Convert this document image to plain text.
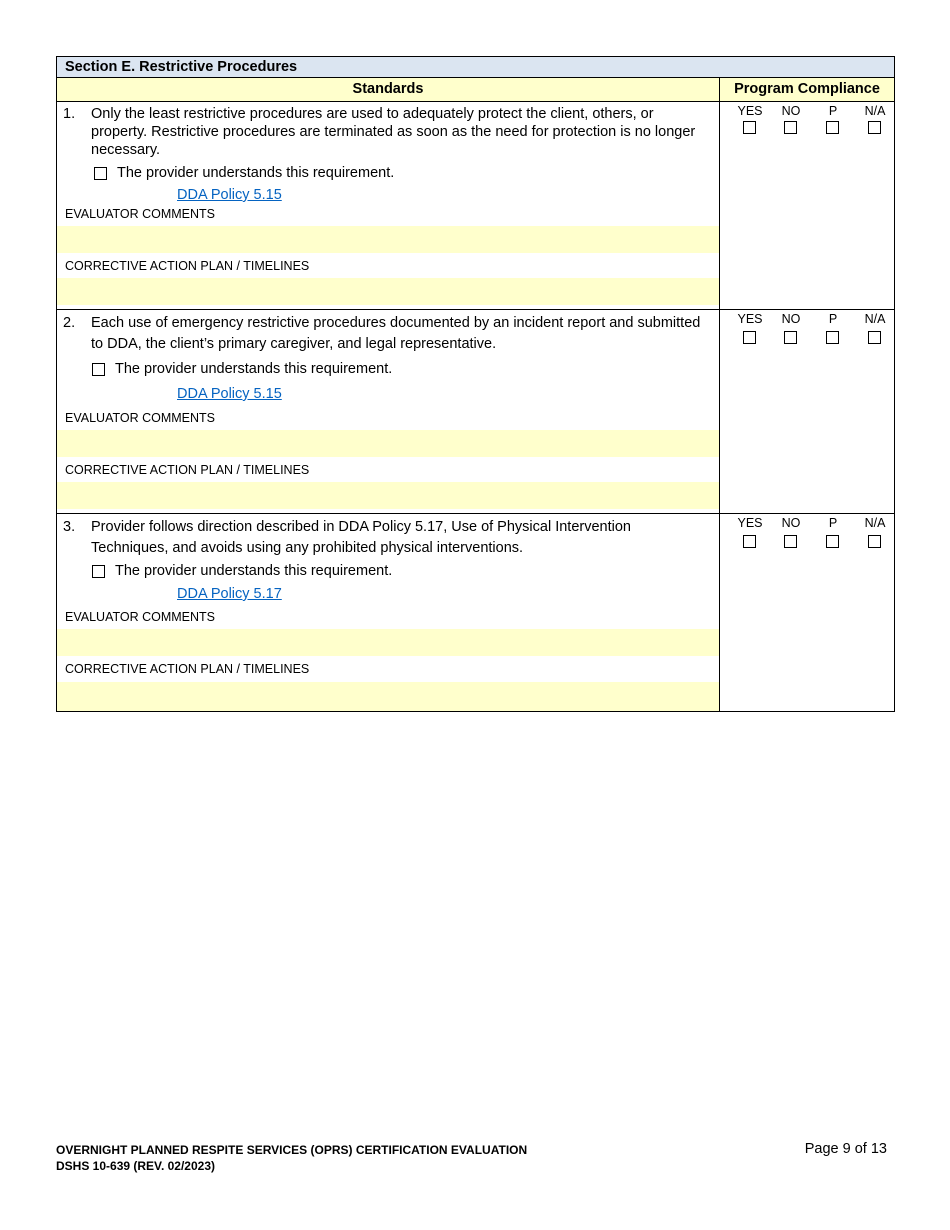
Section E. Restrictive Procedures
Standards	Program Compliance
1.	Only the least restrictive procedures are used to adequately protect the client, others, or property. Restrictive procedures are terminated as soon as the need for protection is no longer necessary.
The provider understands this requirement.
DDA Policy 5.15
EVALUATOR COMMENTS
CORRECTIVE ACTION PLAN / TIMELINES
YES	NO	P	N/A
2.	Each use of emergency restrictive procedures documented by an incident report and submitted to DDA, the client’s primary caregiver, and legal representative.
The provider understands this requirement.
DDA Policy 5.15
EVALUATOR COMMENTS
CORRECTIVE ACTION PLAN / TIMELINES
YES	NO	P	N/A
3.	Provider follows direction described in DDA Policy 5.17, Use of Physical Intervention Techniques, and avoids using any prohibited physical interventions.
The provider understands this requirement.
DDA Policy 5.17
EVALUATOR COMMENTS
CORRECTIVE ACTION PLAN / TIMELINES
YES	NO	P	N/A
OVERNIGHT PLANNED RESPITE SERVICES (OPRS) CERTIFICATION EVALUATION
DSHS 10-639 (REV. 02/2023)
Page 9 of 13
